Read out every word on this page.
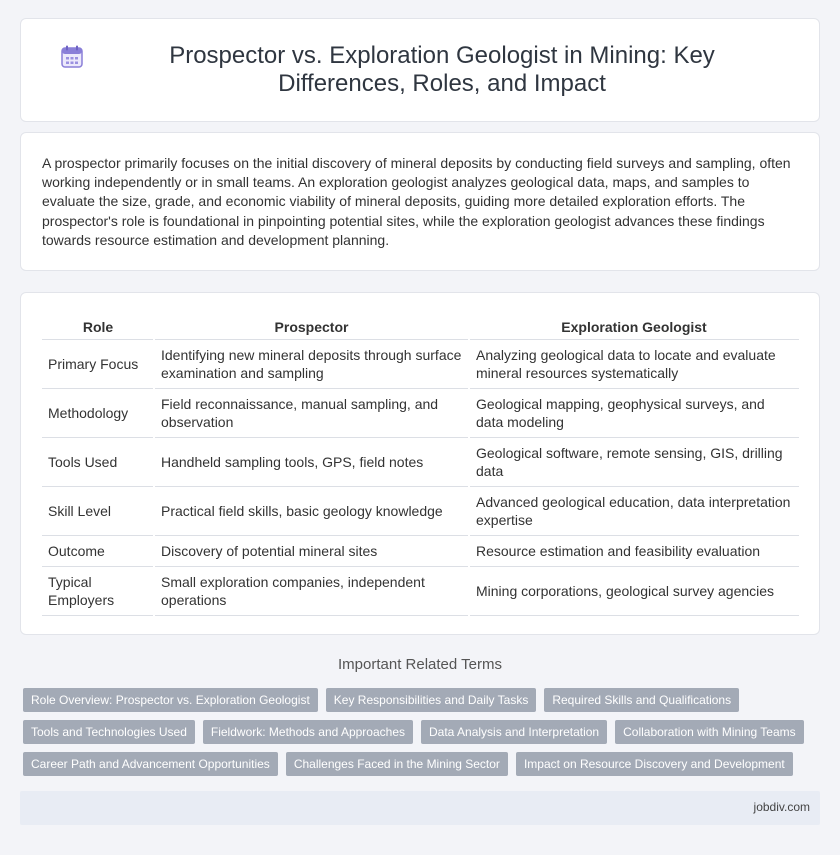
Prospector vs. Exploration Geologist in Mining: Key Differences, Roles, and Impact

A prospector primarily focuses on the initial discovery of mineral deposits by conducting field surveys and sampling, often working independently or in small teams. An exploration geologist analyzes geological data, maps, and samples to evaluate the size, grade, and economic viability of mineral deposits, guiding more detailed exploration efforts. The prospector's role is foundational in pinpointing potential sites, while the exploration geologist advances these findings towards resource estimation and development planning.

Role	Prospector	Exploration Geologist
Primary Focus	Identifying new mineral deposits through surface examination and sampling	Analyzing geological data to locate and evaluate mineral resources systematically
Methodology	Field reconnaissance, manual sampling, and observation	Geological mapping, geophysical surveys, and data modeling
Tools Used	Handheld sampling tools, GPS, field notes	Geological software, remote sensing, GIS, drilling data
Skill Level	Practical field skills, basic geology knowledge	Advanced geological education, data interpretation expertise
Outcome	Discovery of potential mineral sites	Resource estimation and feasibility evaluation
Typical Employers	Small exploration companies, independent operations	Mining corporations, geological survey agencies
Important Related Terms
Role Overview: Prospector vs. Exploration Geologist	Key Responsibilities and Daily Tasks	Required Skills and Qualifications
Tools and Technologies Used	Fieldwork: Methods and Approaches	Data Analysis and Interpretation	Collaboration with Mining Teams
Career Path and Advancement Opportunities	Challenges Faced in the Mining Sector	Impact on Resource Discovery and Development
jobdiv.com
